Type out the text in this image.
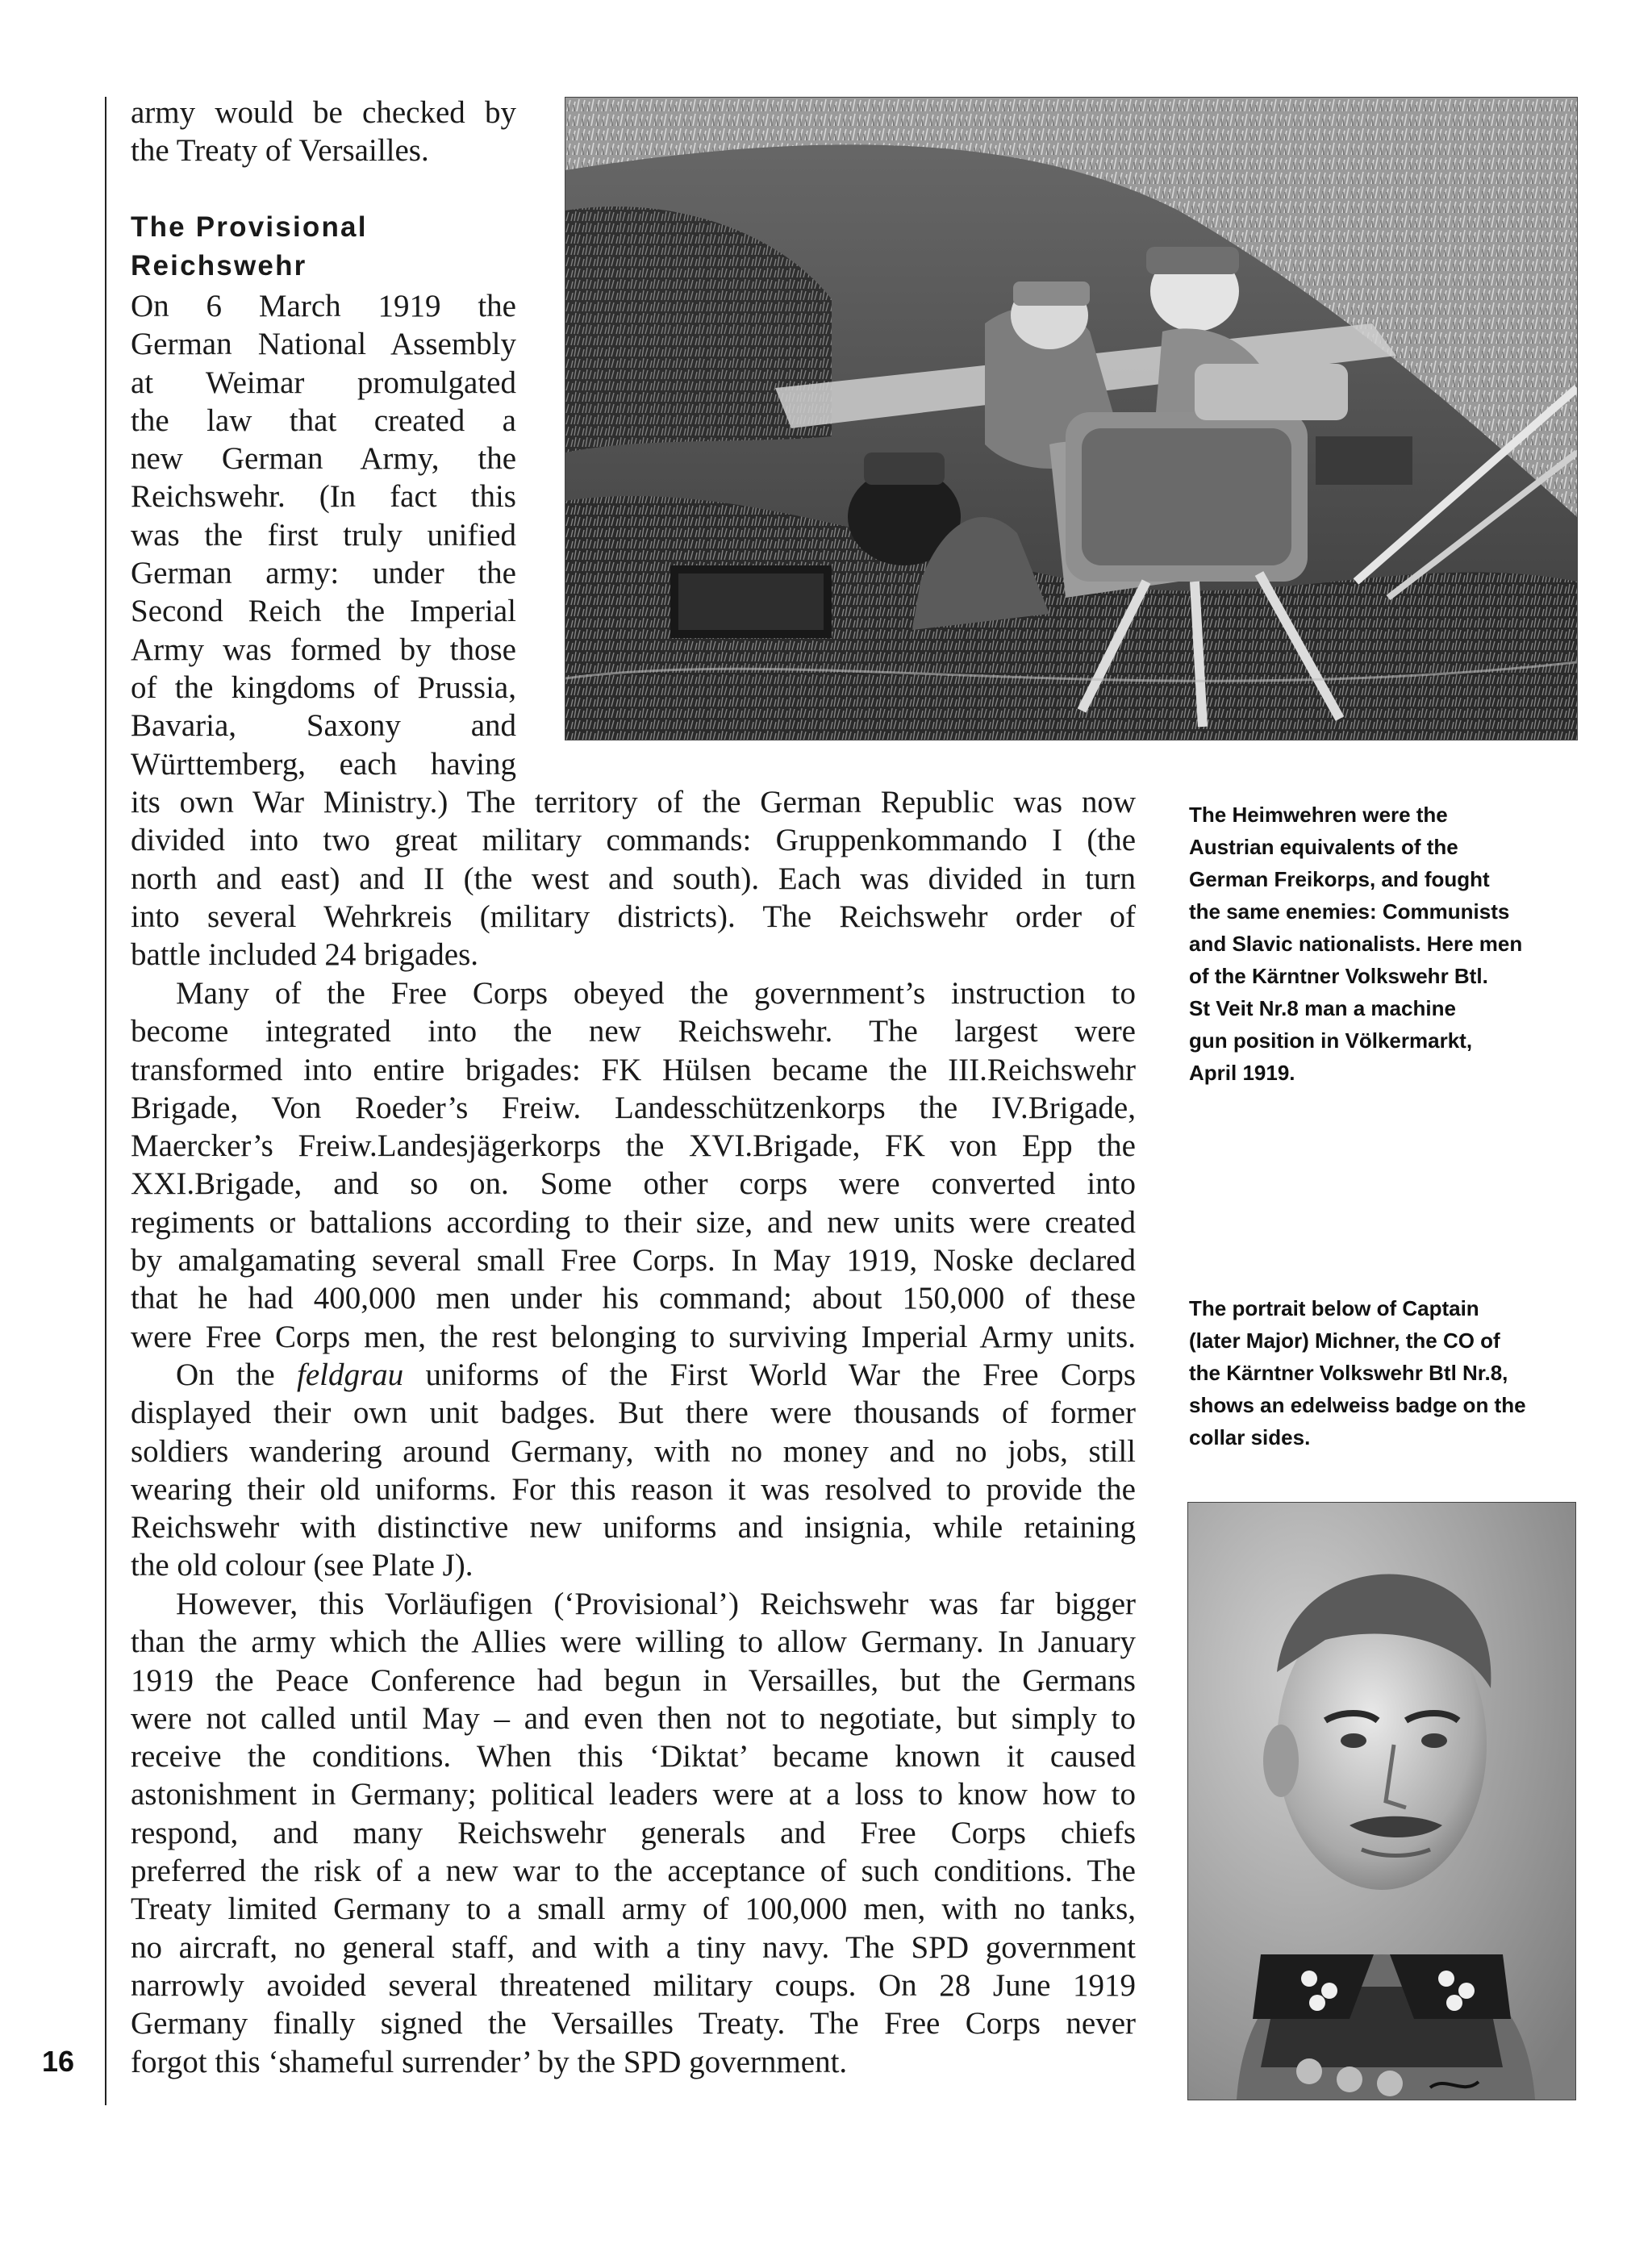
16
army would be checked by
the Treaty of Versailles.
The Provisional
Reichswehr
On 6 March 1919 the
German National Assembly
at Weimar promulgated
the law that created a
new German Army, the
Reichswehr. (In fact this
was the first truly unified
German army: under the
Second Reich the Imperial
Army was formed by those
of the kingdoms of Prussia,
Bavaria, Saxony and
Württemberg, each having
its own War Ministry.) The territory of the German Republic was now
divided into two great military commands: Gruppenkommando I (the
north and east) and II (the west and south). Each was divided in turn
into several Wehrkreis (military districts). The Reichswehr order of
battle included 24 brigades.
Many of the Free Corps obeyed the government’s instruction to
become integrated into the new Reichswehr. The largest were
transformed into entire brigades: FK Hülsen became the III.Reichswehr
Brigade, Von Roeder’s Freiw. Landesschützenkorps the IV.Brigade,
Maercker’s Freiw.Landesjägerkorps the XVI.Brigade, FK von Epp the
XXI.Brigade, and so on. Some other corps were converted into
regiments or battalions according to their size, and new units were created
by amalgamating several small Free Corps. In May 1919, Noske declared
that he had 400,000 men under his command; about 150,000 of these
were Free Corps men, the rest belonging to surviving Imperial Army units.
On the feldgrau uniforms of the First World War the Free Corps
displayed their own unit badges. But there were thousands of former
soldiers wandering around Germany, with no money and no jobs, still
wearing their old uniforms. For this reason it was resolved to provide the
Reichswehr with distinctive new uniforms and insignia, while retaining
the old colour (see Plate J).
However, this Vorläufigen (‘Provisional’) Reichswehr was far bigger
than the army which the Allies were willing to allow Germany. In January
1919 the Peace Conference had begun in Versailles, but the Germans
were not called until May – and even then not to negotiate, but simply to
receive the conditions. When this ‘Diktat’ became known it caused
astonishment in Germany; political leaders were at a loss to know how to
respond, and many Reichswehr generals and Free Corps chiefs
preferred the risk of a new war to the acceptance of such conditions. The
Treaty limited Germany to a small army of 100,000 men, with no tanks,
no aircraft, no general staff, and with a tiny navy. The SPD government
narrowly avoided several threatened military coups. On 28 June 1919
Germany finally signed the Versailles Treaty. The Free Corps never
forgot this ‘shameful surrender’ by the SPD government.
The Heimwehren were the
Austrian equivalents of the
German Freikorps, and fought
the same enemies: Communists
and Slavic nationalists. Here men
of the Kärntner Volkswehr Btl.
St Veit Nr.8 man a machine
gun position in Völkermarkt,
April 1919.
The portrait below of Captain
(later Major) Michner, the CO of
the Kärntner Volkswehr Btl Nr.8,
shows an edelweiss badge on the
collar sides.
